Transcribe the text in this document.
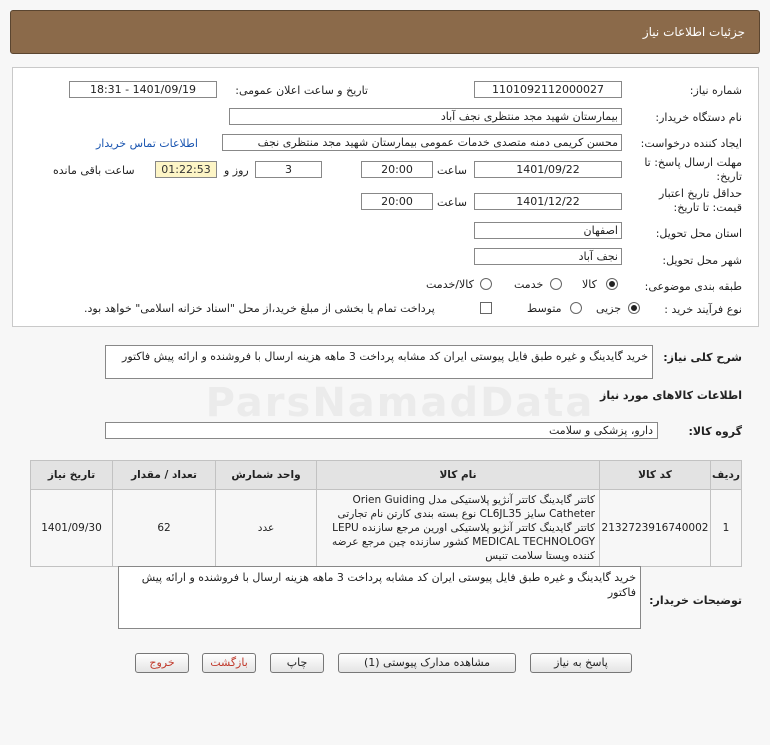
جزئیات اطلاعات نیاز
شماره نیاز:
1101092112000027
تاریخ و ساعت اعلان عمومی:
1401/09/19 - 18:31
نام دستگاه خریدار:
بیمارستان شهید مجد منتظری نجف آباد
ایجاد کننده درخواست:
محسن کریمی دمنه متصدی خدمات عمومی بیمارستان شهید مجد منتظری نجف
اطلاعات تماس خریدار
مهلت ارسال پاسخ: تا تاریخ:
1401/09/22
ساعت
20:00
3
روز و
01:22:53
ساعت باقی مانده
حداقل تاریخ اعتبار قیمت: تا تاریخ:
1401/12/22
ساعت
20:00
استان محل تحویل:
اصفهان
شهر محل تحویل:
نجف آباد
طبقه بندی موضوعی:
کالا
خدمت
کالا/خدمت
نوع فرآیند خرید :
جزیی
متوسط
پرداخت تمام یا بخشی از مبلغ خرید،از محل "اسناد خزانه اسلامی" خواهد بود.
شرح کلی نیاز:
خرید گایدینگ و غیره طبق فایل پیوستی ایران کد مشابه پرداخت 3 ماهه هزینه ارسال با فروشنده و ارائه پیش فاکتور
اطلاعات کالاهای مورد نیاز
گروه کالا:
دارو، پزشکی و سلامت
ParsNamadData
ردیف	کد کالا	نام کالا	واحد شمارش	تعداد / مقدار	تاریخ نیاز
1	2132723916740002	کاتتر گایدینگ کاتتر آنژیو پلاستیکی مدل Orien Guiding Catheter سایز CL6JL35 نوع بسته بندی کارتن نام تجارتی کاتتر گایدینگ کاتتر آنژیو پلاستیکی اورین مرجع سازنده LEPU MEDICAL TECHNOLOGY کشور سازنده چین مرجع عرضه کننده ویستا سلامت تنیس	عدد	62	1401/09/30
توضیحات خریدار:
خرید گایدینگ و غیره طبق فایل پیوستی ایران کد مشابه پرداخت 3 ماهه هزینه ارسال با فروشنده و ارائه پیش فاکتور
پاسخ به نیاز
مشاهده مدارک پیوستی (1)
چاپ
بازگشت
خروج
